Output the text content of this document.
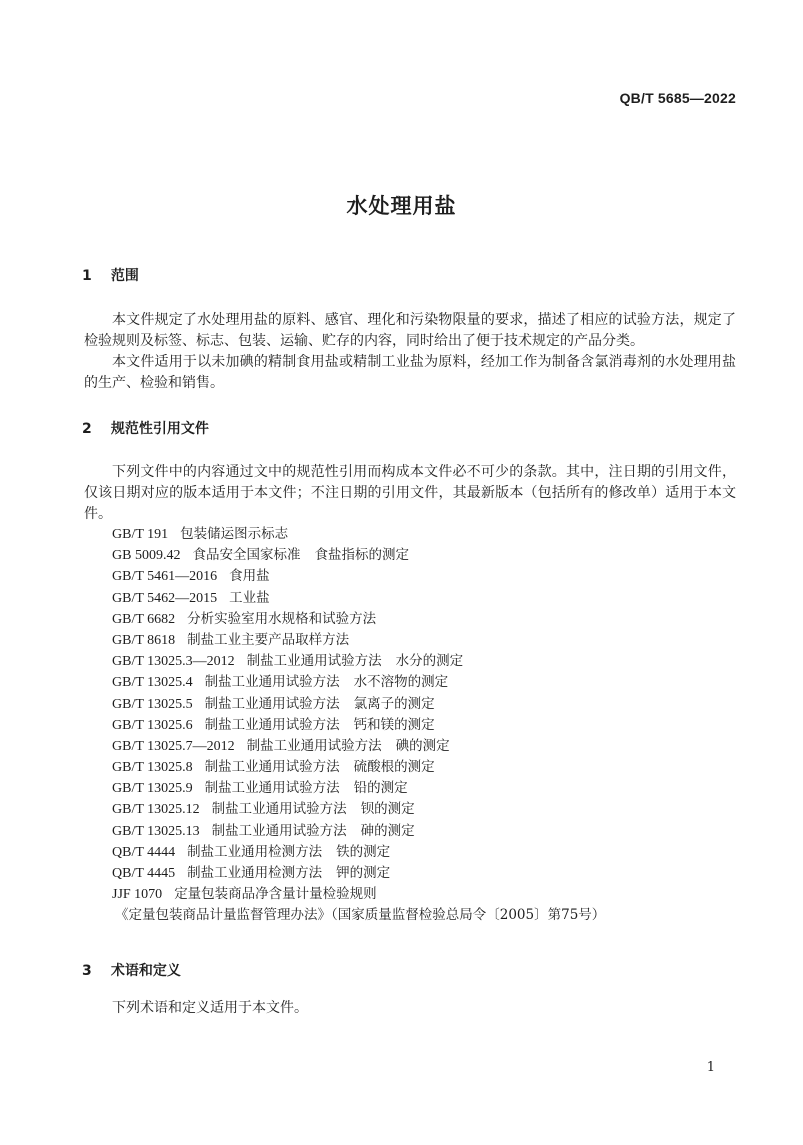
QB/T 5685—2022
水处理用盐
1 范围

本文件规定了水处理用盐的原料、感官、理化和污染物限量的要求，描述了相应的试验方法，规定了检验规则及标签、标志、包装、运输、贮存的内容，同时给出了便于技术规定的产品分类。

本文件适用于以未加碘的精制食用盐或精制工业盐为原料，经加工作为制备含氯消毒剂的水处理用盐的生产、检验和销售。

2 规范性引用文件

下列文件中的内容通过文中的规范性引用而构成本文件必不可少的条款。其中，注日期的引用文件，仅该日期对应的版本适用于本文件；不注日期的引用文件，其最新版本（包括所有的修改单）适用于本文件。

GB/T 191 包装储运图示标志
GB 5009.42 食品安全国家标准 食盐指标的测定
GB/T 5461—2016 食用盐
GB/T 5462—2015 工业盐
GB/T 6682 分析实验室用水规格和试验方法
GB/T 8618 制盐工业主要产品取样方法
GB/T 13025.3—2012 制盐工业通用试验方法 水分的测定
GB/T 13025.4 制盐工业通用试验方法 水不溶物的测定
GB/T 13025.5 制盐工业通用试验方法 氯离子的测定
GB/T 13025.6 制盐工业通用试验方法 钙和镁的测定
GB/T 13025.7—2012 制盐工业通用试验方法 碘的测定
GB/T 13025.8 制盐工业通用试验方法 硫酸根的测定
GB/T 13025.9 制盐工业通用试验方法 铅的测定
GB/T 13025.12 制盐工业通用试验方法 钡的测定
GB/T 13025.13 制盐工业通用试验方法 砷的测定
QB/T 4444 制盐工业通用检测方法 铁的测定
QB/T 4445 制盐工业通用检测方法 钾的测定
JJF 1070 定量包装商品净含量计量检验规则
《定量包装商品计量监督管理办法》（国家质量监督检验总局令〔2005〕第75号）
3 术语和定义

下列术语和定义适用于本文件。

1
